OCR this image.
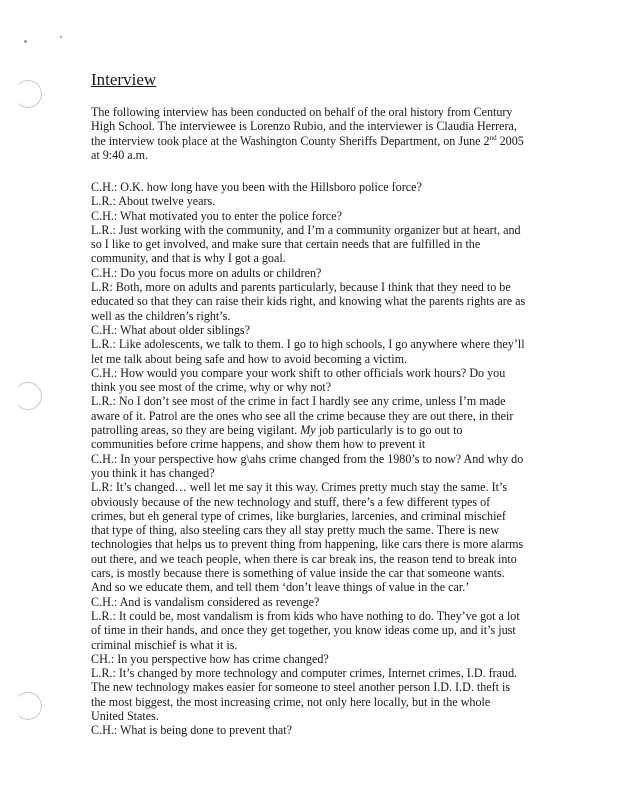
Interview
The following interview has been conducted on behalf of the oral history from Century
High School. The interviewee is Lorenzo Rubio, and the interviewer is Claudia Herrera,
the interview took place at the Washington County Sheriffs Department, on June 2nd 2005
at 9:40 a.m.
C.H.: O.K. how long have you been with the Hillsboro police force?
L.R.: About twelve years.
C.H.: What motivated you to enter the police force?
L.R.: Just working with the community, and I’m a community organizer but at heart, and
so I like to get involved, and make sure that certain needs that are fulfilled in the
community, and that is why I got a goal.
C.H.: Do you focus more on adults or children?
L.R: Both, more on adults and parents particularly, because I think that they need to be
educated so that they can raise their kids right, and knowing what the parents rights are as
well as the children’s right’s.
C.H.: What about older siblings?
L.R.: Like adolescents, we talk to them. I go to high schools, I go anywhere where they’ll
let me talk about being safe and how to avoid becoming a victim.
C.H.: How would you compare your work shift to other officials work hours? Do you
think you see most of the crime, why or why not?
L.R.: No I don’t see most of the crime in fact I hardly see any crime, unless I’m made
aware of it. Patrol are the ones who see all the crime because they are out there, in their
patrolling areas, so they are being vigilant. My job particularly is to go out to
communities before crime happens, and show them how to prevent it
C.H.: In your perspective how g\ahs crime changed from the 1980’s to now? And why do
you think it has changed?
L.R: It’s changed… well let me say it this way. Crimes pretty much stay the same. It’s
obviously because of the new technology and stuff, there’s a few different types of
crimes, but eh general type of crimes, like burglaries, larcenies, and criminal mischief
that type of thing, also steeling cars they all stay pretty much the same. There is new
technologies that helps us to prevent thing from happening, like cars there is more alarms
out there, and we teach people, when there is car break ins, the reason tend to break into
cars, is mostly because there is something of value inside the car that someone wants.
And so we educate them, and tell them ‘don’t leave things of value in the car.’
C.H.: And is vandalism considered as revenge?
L.R.: It could be, most vandalism is from kids who have nothing to do. They’ve got a lot
of time in their hands, and once they get together, you know ideas come up, and it’s just
criminal mischief is what it is.
CH.: In you perspective how has crime changed?
L.R.: It’s changed by more technology and computer crimes, Internet crimes, I.D. fraud.
The new technology makes easier for someone to steel another person I.D. I.D. theft is
the most biggest, the most increasing crime, not only here locally, but in the whole
United States.
C.H.: What is being done to prevent that?
